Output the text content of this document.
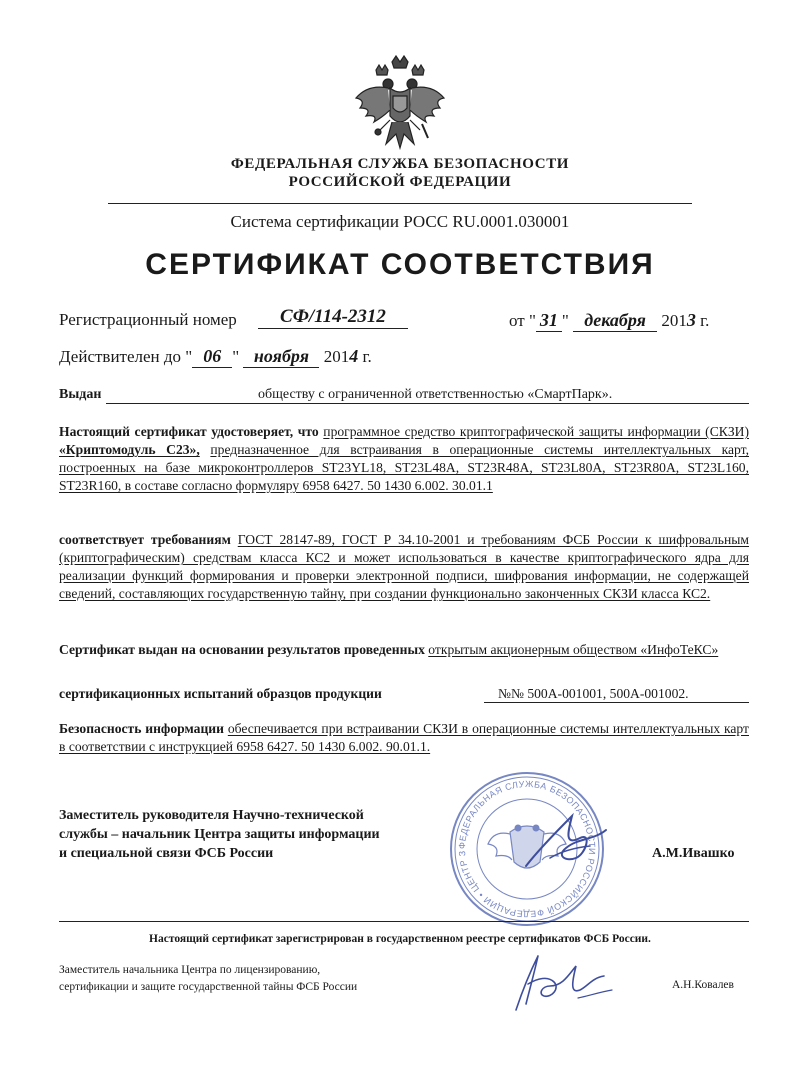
ФЕДЕРАЛЬНАЯ СЛУЖБА БЕЗОПАСНОСТИ
РОССИЙСКОЙ ФЕДЕРАЦИИ
Система сертификации РОСС RU.0001.030001
СЕРТИФИКАТ СООТВЕТСТВИЯ
Регистрационный номер	СФ/114-2312	от " 31 " декабря 2013 г.
Действителен до " 06 " ноября 2014 г.
Выдан	обществу с ограниченной ответственностью «СмартПарк».
Настоящий сертификат удостоверяет, что программное средство криптографической защиты информации (СКЗИ) «Криптомодуль С23», предназначенное для встраивания в операционные системы интеллектуальных карт, построенных на базе микроконтроллеров ST23YL18, ST23L48A, ST23R48A, ST23L80A, ST23R80A, ST23L160, ST23R160, в составе согласно формуляру 6958 6427. 50 1430 6.002. 30.01.1
соответствует требованиям ГОСТ 28147-89, ГОСТ Р 34.10-2001 и требованиям ФСБ России к шифровальным (криптографическим) средствам класса КС2 и может использоваться в качестве криптографического ядра для реализации функций формирования и проверки электронной подписи, шифрования информации, не содержащей сведений, составляющих государственную тайну, при создании функционально законченных СКЗИ класса КС2.
Сертификат выдан на основании результатов проведенных открытым акционерным обществом «ИнфоТеКС»
сертификационных испытаний образцов продукции	№№ 500А-001001, 500А-001002.
Безопасность информации обеспечивается при встраивании СКЗИ в операционные системы интеллектуальных карт в соответствии с инструкцией 6958 6427. 50 1430 6.002. 90.01.1.
Заместитель руководителя Научно-технической
службы – начальник Центра защиты информации
и специальной связи ФСБ России	А.М.Ивашко
ФЕДЕРАЛЬНАЯ СЛУЖБА БЕЗОПАСНОСТИ РОССИЙСКОЙ ФЕДЕРАЦИИ • ЦЕНТР З
Настоящий сертификат зарегистрирован в государственном реестре сертификатов ФСБ России.
Заместитель начальника Центра по лицензированию,
сертификации и защите государственной тайны ФСБ России	А.Н.Ковалев
